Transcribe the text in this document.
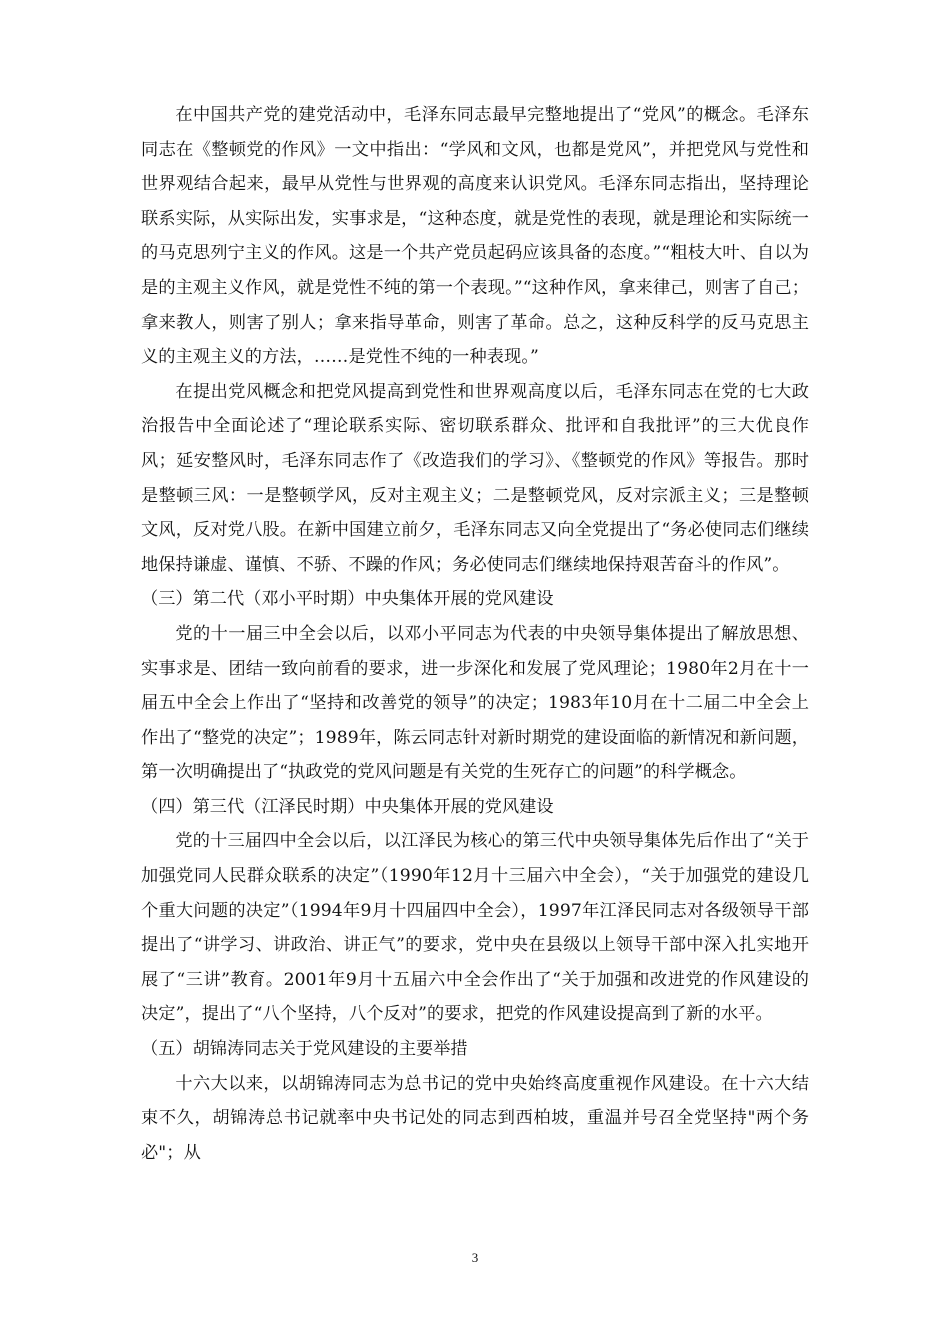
在中国共产党的建党活动中，毛泽东同志最早完整地提出了“党风”的概念。毛泽东同志在《整顿党的作风》一文中指出：“学风和文风，也都是党风”，并把党风与党性和世界观结合起来，最早从党性与世界观的高度来认识党风。毛泽东同志指出，坚持理论联系实际，从实际出发，实事求是，“这种态度，就是党性的表现，就是理论和实际统一的马克思列宁主义的作风。这是一个共产党员起码应该具备的态度。”“粗枝大叶、自以为是的主观主义作风，就是党性不纯的第一个表现。”“这种作风，拿来律己，则害了自己；拿来教人，则害了别人；拿来指导革命，则害了革命。总之，这种反科学的反马克思主义的主观主义的方法，……是党性不纯的一种表现。”

在提出党风概念和把党风提高到党性和世界观高度以后，毛泽东同志在党的七大政治报告中全面论述了“理论联系实际、密切联系群众、批评和自我批评”的三大优良作风；延安整风时，毛泽东同志作了《改造我们的学习》、《整顿党的作风》等报告。那时是整顿三风：一是整顿学风，反对主观主义；二是整顿党风，反对宗派主义；三是整顿文风，反对党八股。在新中国建立前夕，毛泽东同志又向全党提出了“务必使同志们继续地保持谦虚、谨慎、不骄、不躁的作风；务必使同志们继续地保持艰苦奋斗的作风”。

（三）第二代（邓小平时期）中央集体开展的党风建设

党的十一届三中全会以后，以邓小平同志为代表的中央领导集体提出了解放思想、实事求是、团结一致向前看的要求，进一步深化和发展了党风理论；1980年2月在十一届五中全会上作出了“坚持和改善党的领导”的决定；1983年10月在十二届二中全会上作出了“整党的决定”；1989年，陈云同志针对新时期党的建设面临的新情况和新问题，第一次明确提出了“执政党的党风问题是有关党的生死存亡的问题”的科学概念。

（四）第三代（江泽民时期）中央集体开展的党风建设

党的十三届四中全会以后，以江泽民为核心的第三代中央领导集体先后作出了“关于加强党同人民群众联系的决定”（1990年12月十三届六中全会），“关于加强党的建设几个重大问题的决定”（1994年9月十四届四中全会），1997年江泽民同志对各级领导干部提出了“讲学习、讲政治、讲正气”的要求，党中央在县级以上领导干部中深入扎实地开展了“三讲”教育。2001年9月十五届六中全会作出了“关于加强和改进党的作风建设的决定”，提出了“八个坚持，八个反对”的要求，把党的作风建设提高到了新的水平。

（五）胡锦涛同志关于党风建设的主要举措

十六大以来，以胡锦涛同志为总书记的党中央始终高度重视作风建设。在十六大结束不久，胡锦涛总书记就率中央书记处的同志到西柏坡，重温并号召全党坚持"两个务必"；从

3
